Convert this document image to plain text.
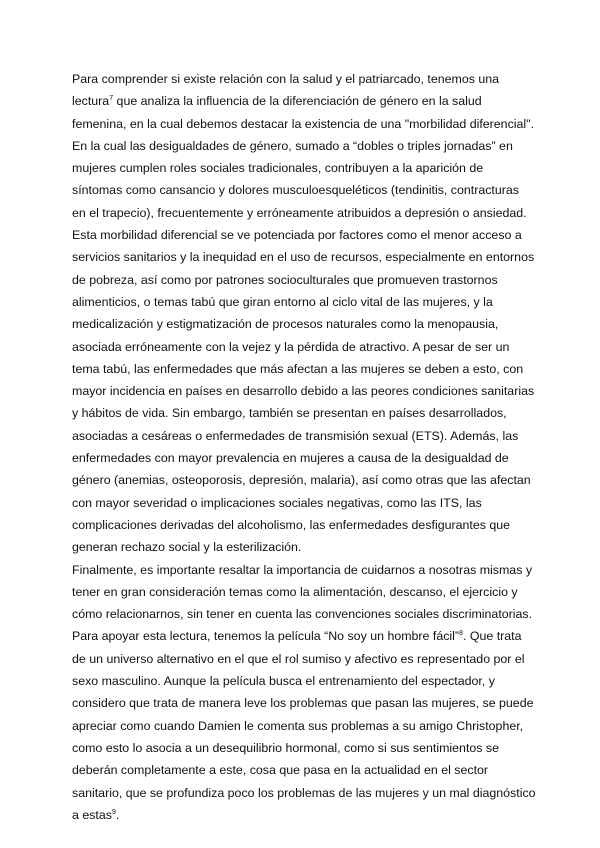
Para comprender si existe relación con la salud y el patriarcado, tenemos una lectura$^7$ que analiza la influencia de la diferenciación de género en la salud femenina, en la cual debemos destacar la existencia de una "morbilidad diferencial". En la cual las desigualdades de género, sumado a “dobles o triples jornadas” en mujeres cumplen roles sociales tradicionales, contribuyen a la aparición de síntomas como cansancio y dolores musculoesqueléticos (tendinitis, contracturas en el trapecio), frecuentemente y erróneamente atribuidos a depresión o ansiedad. Esta morbilidad diferencial se ve potenciada por factores como el menor acceso a servicios sanitarios y la inequidad en el uso de recursos, especialmente en entornos de pobreza, así como por patrones socioculturales que promueven trastornos alimenticios, o temas tabú que giran entorno al ciclo vital de las mujeres, y la medicalización y estigmatización de procesos naturales como la menopausia, asociada erróneamente con la vejez y la pérdida de atractivo. A pesar de ser un tema tabú, las enfermedades que más afectan a las mujeres se deben a esto, con mayor incidencia en países en desarrollo debido a las peores condiciones sanitarias y hábitos de vida. Sin embargo, también se presentan en países desarrollados, asociadas a cesáreas o enfermedades de transmisión sexual (ETS). Además, las enfermedades con mayor prevalencia en mujeres a causa de la desigualdad de género (anemias, osteoporosis, depresión, malaria), así como otras que las afectan con mayor severidad o implicaciones sociales negativas, como las ITS, las complicaciones derivadas del alcoholismo, las enfermedades desfigurantes que generan rechazo social y la esterilización.

Finalmente, es importante resaltar la importancia de cuidarnos a nosotras mismas y tener en gran consideración temas como la alimentación, descanso, el ejercicio y cómo relacionarnos, sin tener en cuenta las convenciones sociales discriminatorias. Para apoyar esta lectura, tenemos la película “No soy un hombre fácil”$^8$. Que trata de un universo alternativo en el que el rol sumiso y afectivo es representado por el sexo masculino. Aunque la película busca el entrenamiento del espectador, y considero que trata de manera leve los problemas que pasan las mujeres, se puede apreciar como cuando Damien le comenta sus problemas a su amigo Christopher, como esto lo asocia a un desequilibrio hormonal, como si sus sentimientos se deberán completamente a este, cosa que pasa en la actualidad en el sector sanitario, que se profundiza poco los problemas de las mujeres y un mal diagnóstico a estas$^9$.
